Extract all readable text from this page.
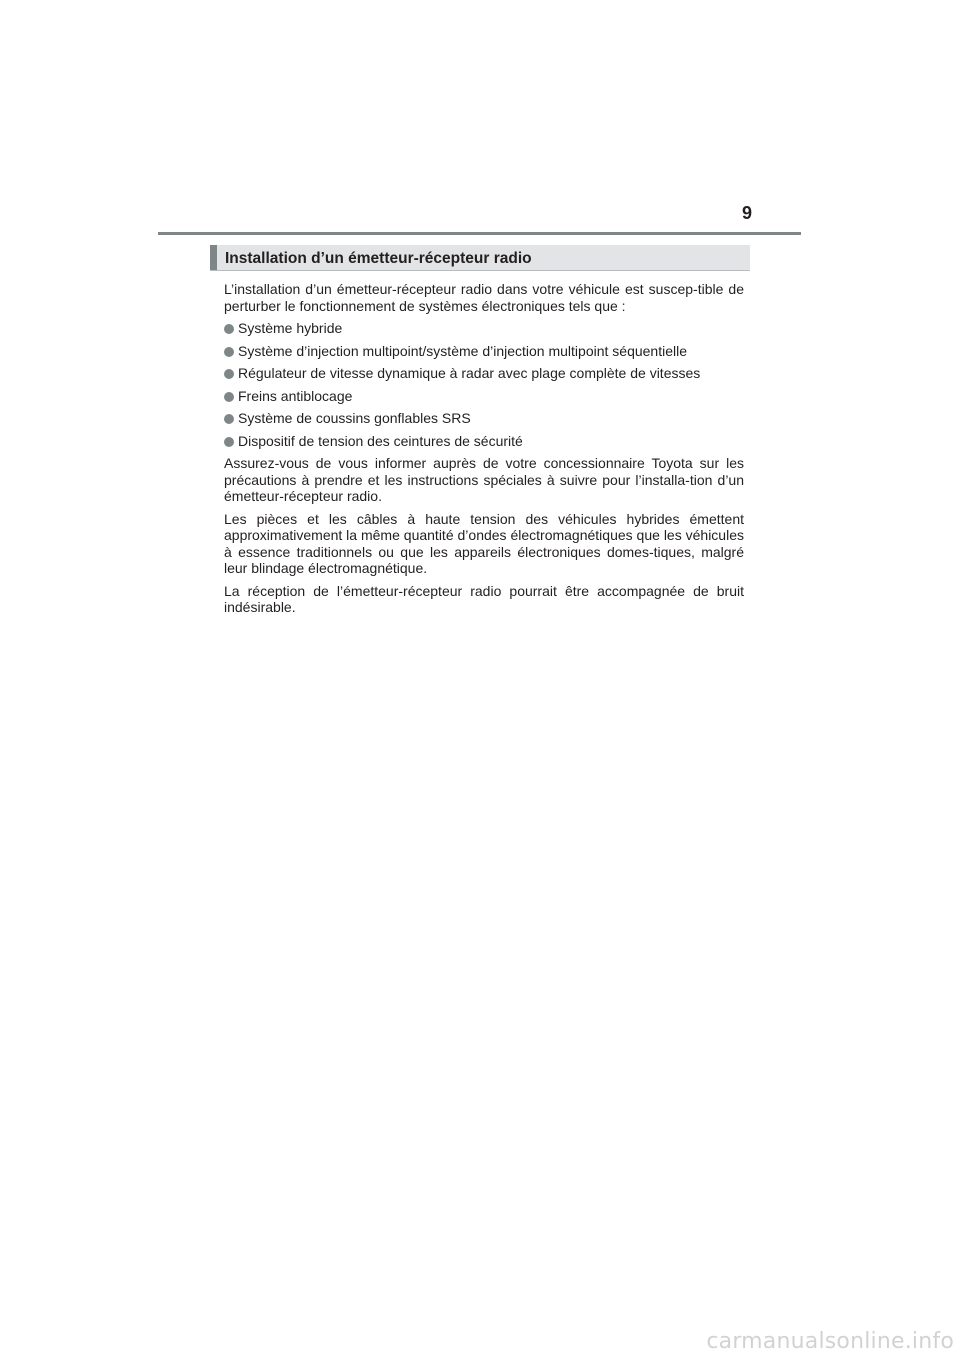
9
Installation d’un émetteur-récepteur radio

L’installation d’un émetteur-récepteur radio dans votre véhicule est suscep-tible de perturber le fonctionnement de systèmes électroniques tels que :

Système hybride
Système d’injection multipoint/système d’injection multipoint séquentielle
Régulateur de vitesse dynamique à radar avec plage complète de vitesses
Freins antiblocage
Système de coussins gonflables SRS
Dispositif de tension des ceintures de sécurité

Assurez-vous de vous informer auprès de votre concessionnaire Toyota sur les précautions à prendre et les instructions spéciales à suivre pour l’installa-tion d’un émetteur-récepteur radio.

Les pièces et les câbles à haute tension des véhicules hybrides émettent approximativement la même quantité d’ondes électromagnétiques que les véhicules à essence traditionnels ou que les appareils électroniques domes-tiques, malgré leur blindage électromagnétique.

La réception de l’émetteur-récepteur radio pourrait être accompagnée de bruit indésirable.

carmanualsonline.info
